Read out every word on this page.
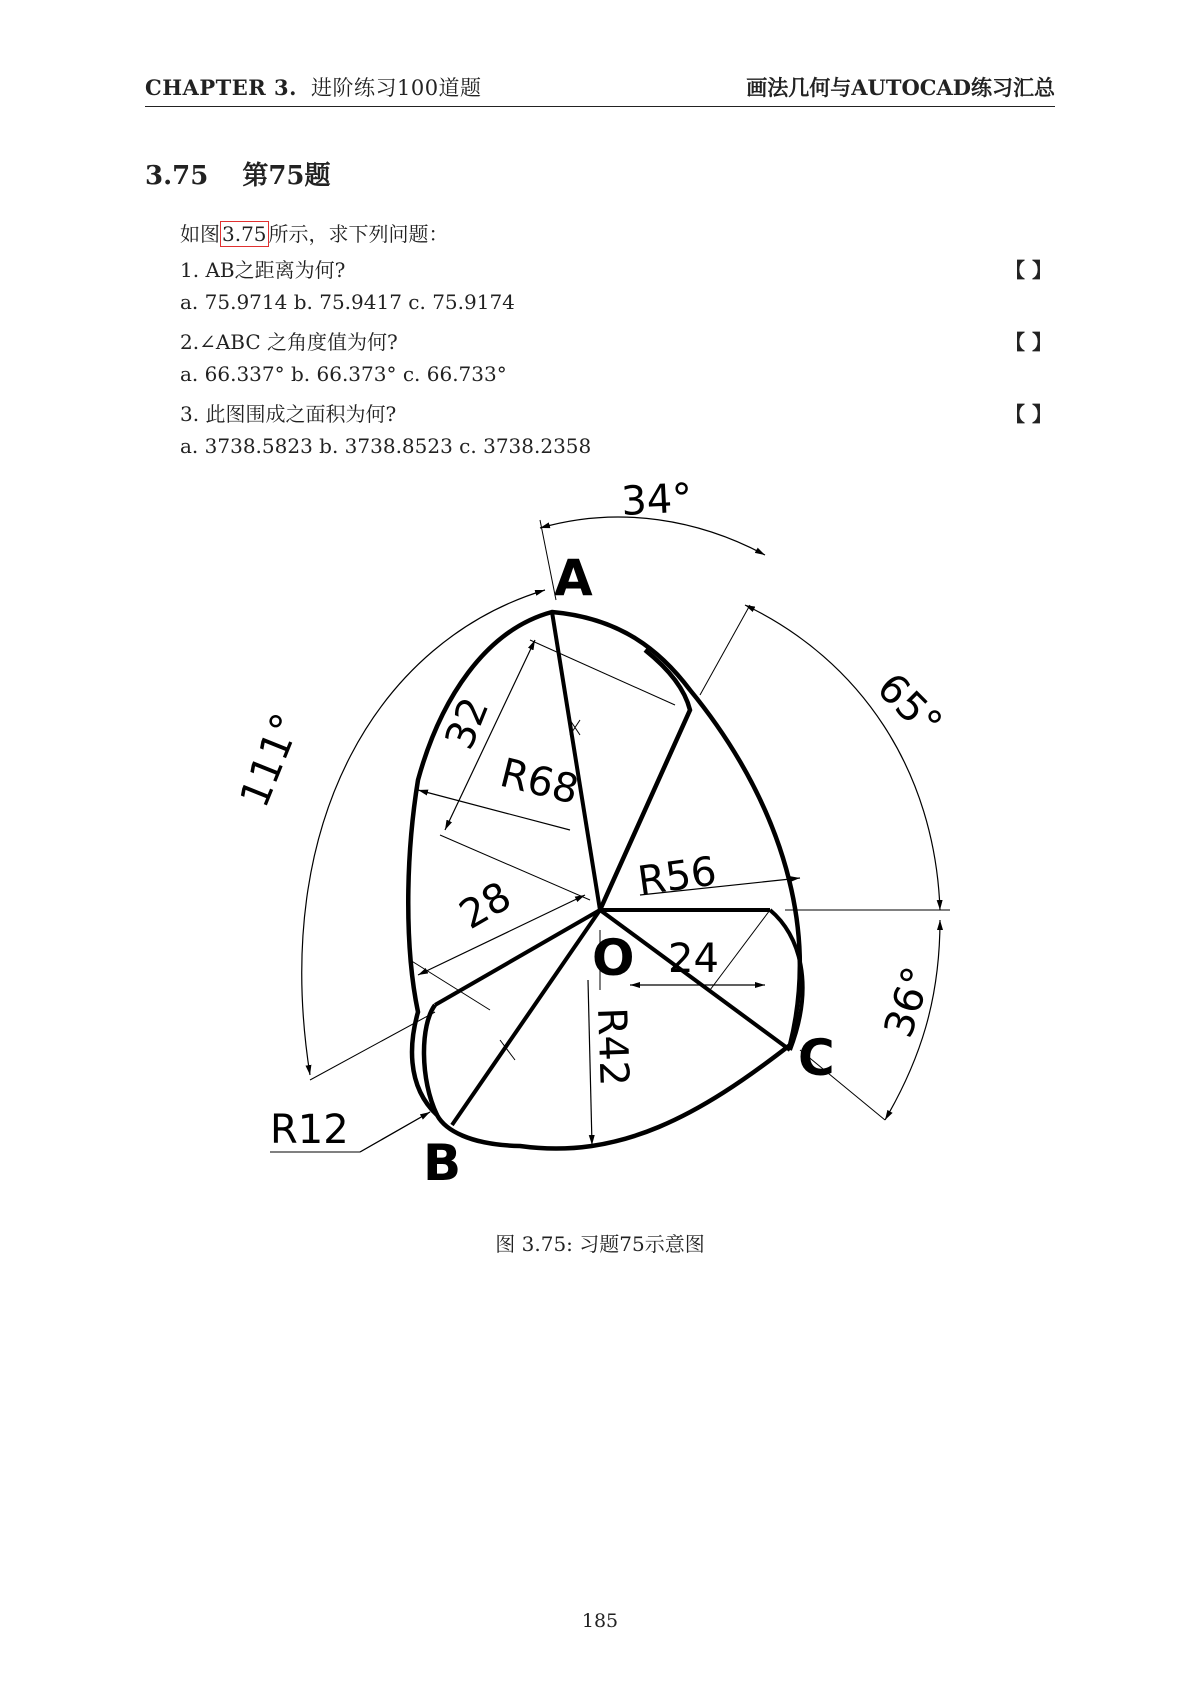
CHAPTER 3. 进阶练习100道题	画法几何与AUTOCAD练习汇总
3.75 第75题
如图 3.75 所示，求下列问题：
1. AB之距离为何?	【 】
a. 75.9714 b. 75.9417 c. 75.9174
2.∠ABC 之角度值为何?	【 】
a. 66.337° b. 66.373° c. 66.733°
3. 此图围成之面积为何?	【 】
a. 3738.5823 b. 3738.8523 c. 3738.2358
A
B
C
O
34°
65°
111°
36°
32
R68
28	R56
24
R42
R12
图 3.75: 习题75示意图
185
